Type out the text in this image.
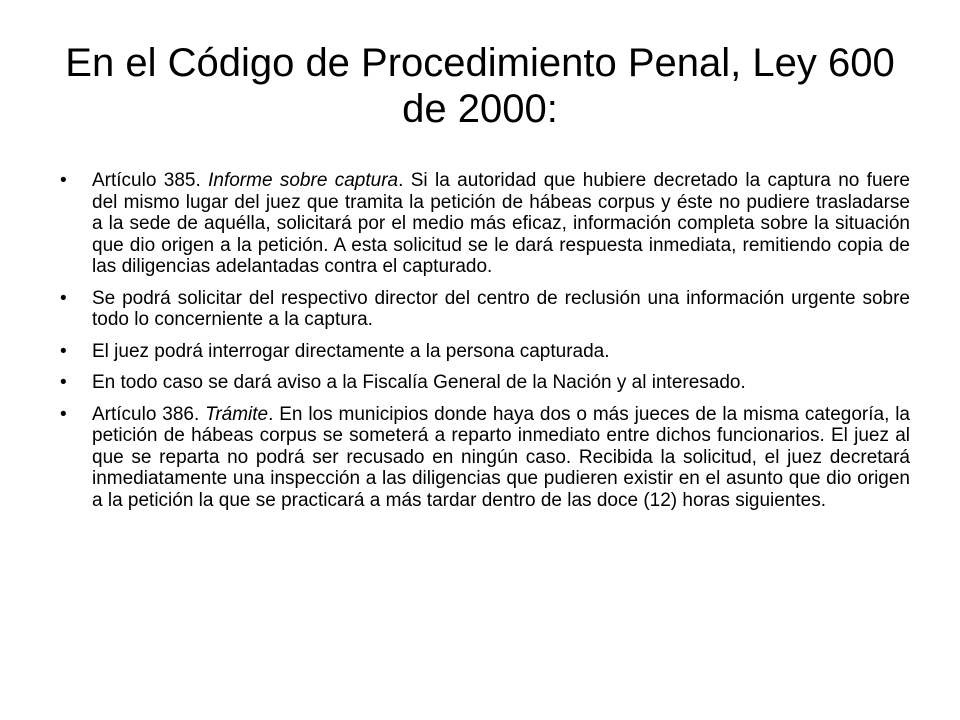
En el Código de Procedimiento Penal, Ley 600 de 2000:
• Artículo 385. Informe sobre captura. Si la autoridad que hubiere decretado la captura no fuere del mismo lugar del juez que tramita la petición de hábeas corpus y éste no pudiere trasladarse a la sede de aquélla, solicitará por el medio más eficaz, información completa sobre la situación que dio origen a la petición. A esta solicitud se le dará respuesta inmediata, remitiendo copia de las diligencias adelantadas contra el capturado.
• Se podrá solicitar del respectivo director del centro de reclusión una información urgente sobre todo lo concerniente a la captura.
• El juez podrá interrogar directamente a la persona capturada.
• En todo caso se dará aviso a la Fiscalía General de la Nación y al interesado.
• Artículo 386. Trámite. En los municipios donde haya dos o más jueces de la misma categoría, la petición de hábeas corpus se someterá a reparto inmediato entre dichos funcionarios. El juez al que se reparta no podrá ser recusado en ningún caso. Recibida la solicitud, el juez decretará inmediatamente una inspección a las diligencias que pudieren existir en el asunto que dio origen a la petición la que se practicará a más tardar dentro de las doce (12) horas siguientes.
